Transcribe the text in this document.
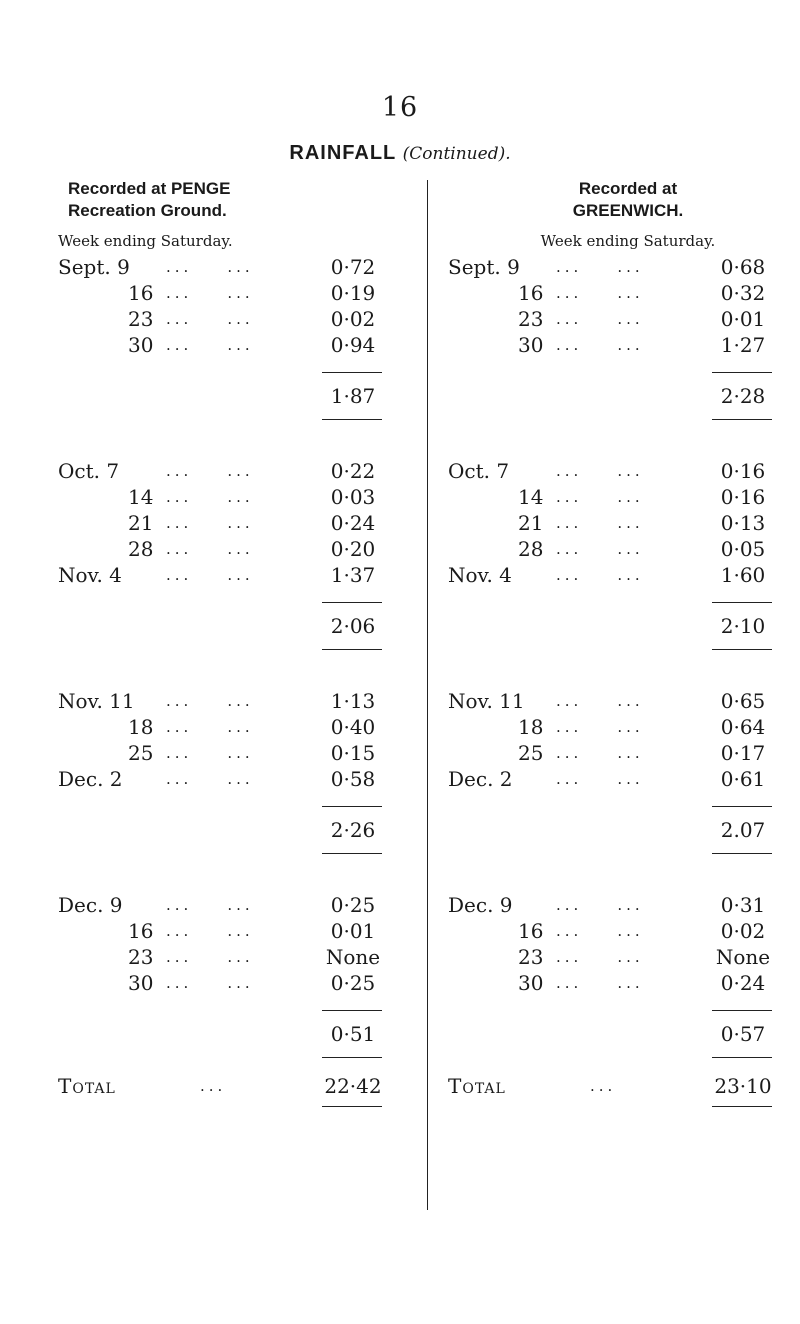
16
RAINFALL (Continued).
Recorded at PENGE
Recreation Ground.
Week ending Saturday.
Sept. 9	...    ...	0·72
16 ...    ...	0·19
23 ...    ...	0·02
30 ...    ...	0·94
1·87
Oct. 7	...    ...	0·22
14 ...    ...	0·03
21 ...    ...	0·24
28 ...    ...	0·20
Nov. 4	...    ...	1·37
2·06
Nov. 11	...    ...	1·13
18 ...    ...	0·40
25 ...    ...	0·15
Dec. 2	...    ...	0·58
2·26
Dec. 9	...    ...	0·25
16 ...    ...	0·01
23 ...    ...	None
30 ...    ...	0·25
0·51
Total	...	22·42
Recorded at
GREENWICH.
Week ending Saturday.
Sept. 9	...    ...	0·68
16 ...    ...	0·32
23 ...    ...	0·01
30 ...    ...	1·27
2·28
Oct. 7	...    ...	0·16
14 ...    ...	0·16
21 ...    ...	0·13
28 ...    ...	0·05
Nov. 4	...    ...	1·60
2·10
Nov. 11	...    ...	0·65
18 ...    ...	0·64
25 ...    ...	0·17
Dec. 2	...    ...	0·61
2.07
Dec. 9	...    ...	0·31
16 ...    ...	0·02
23 ...    ...	None
30 ...    ...	0·24
0·57
Total	...	23·10
